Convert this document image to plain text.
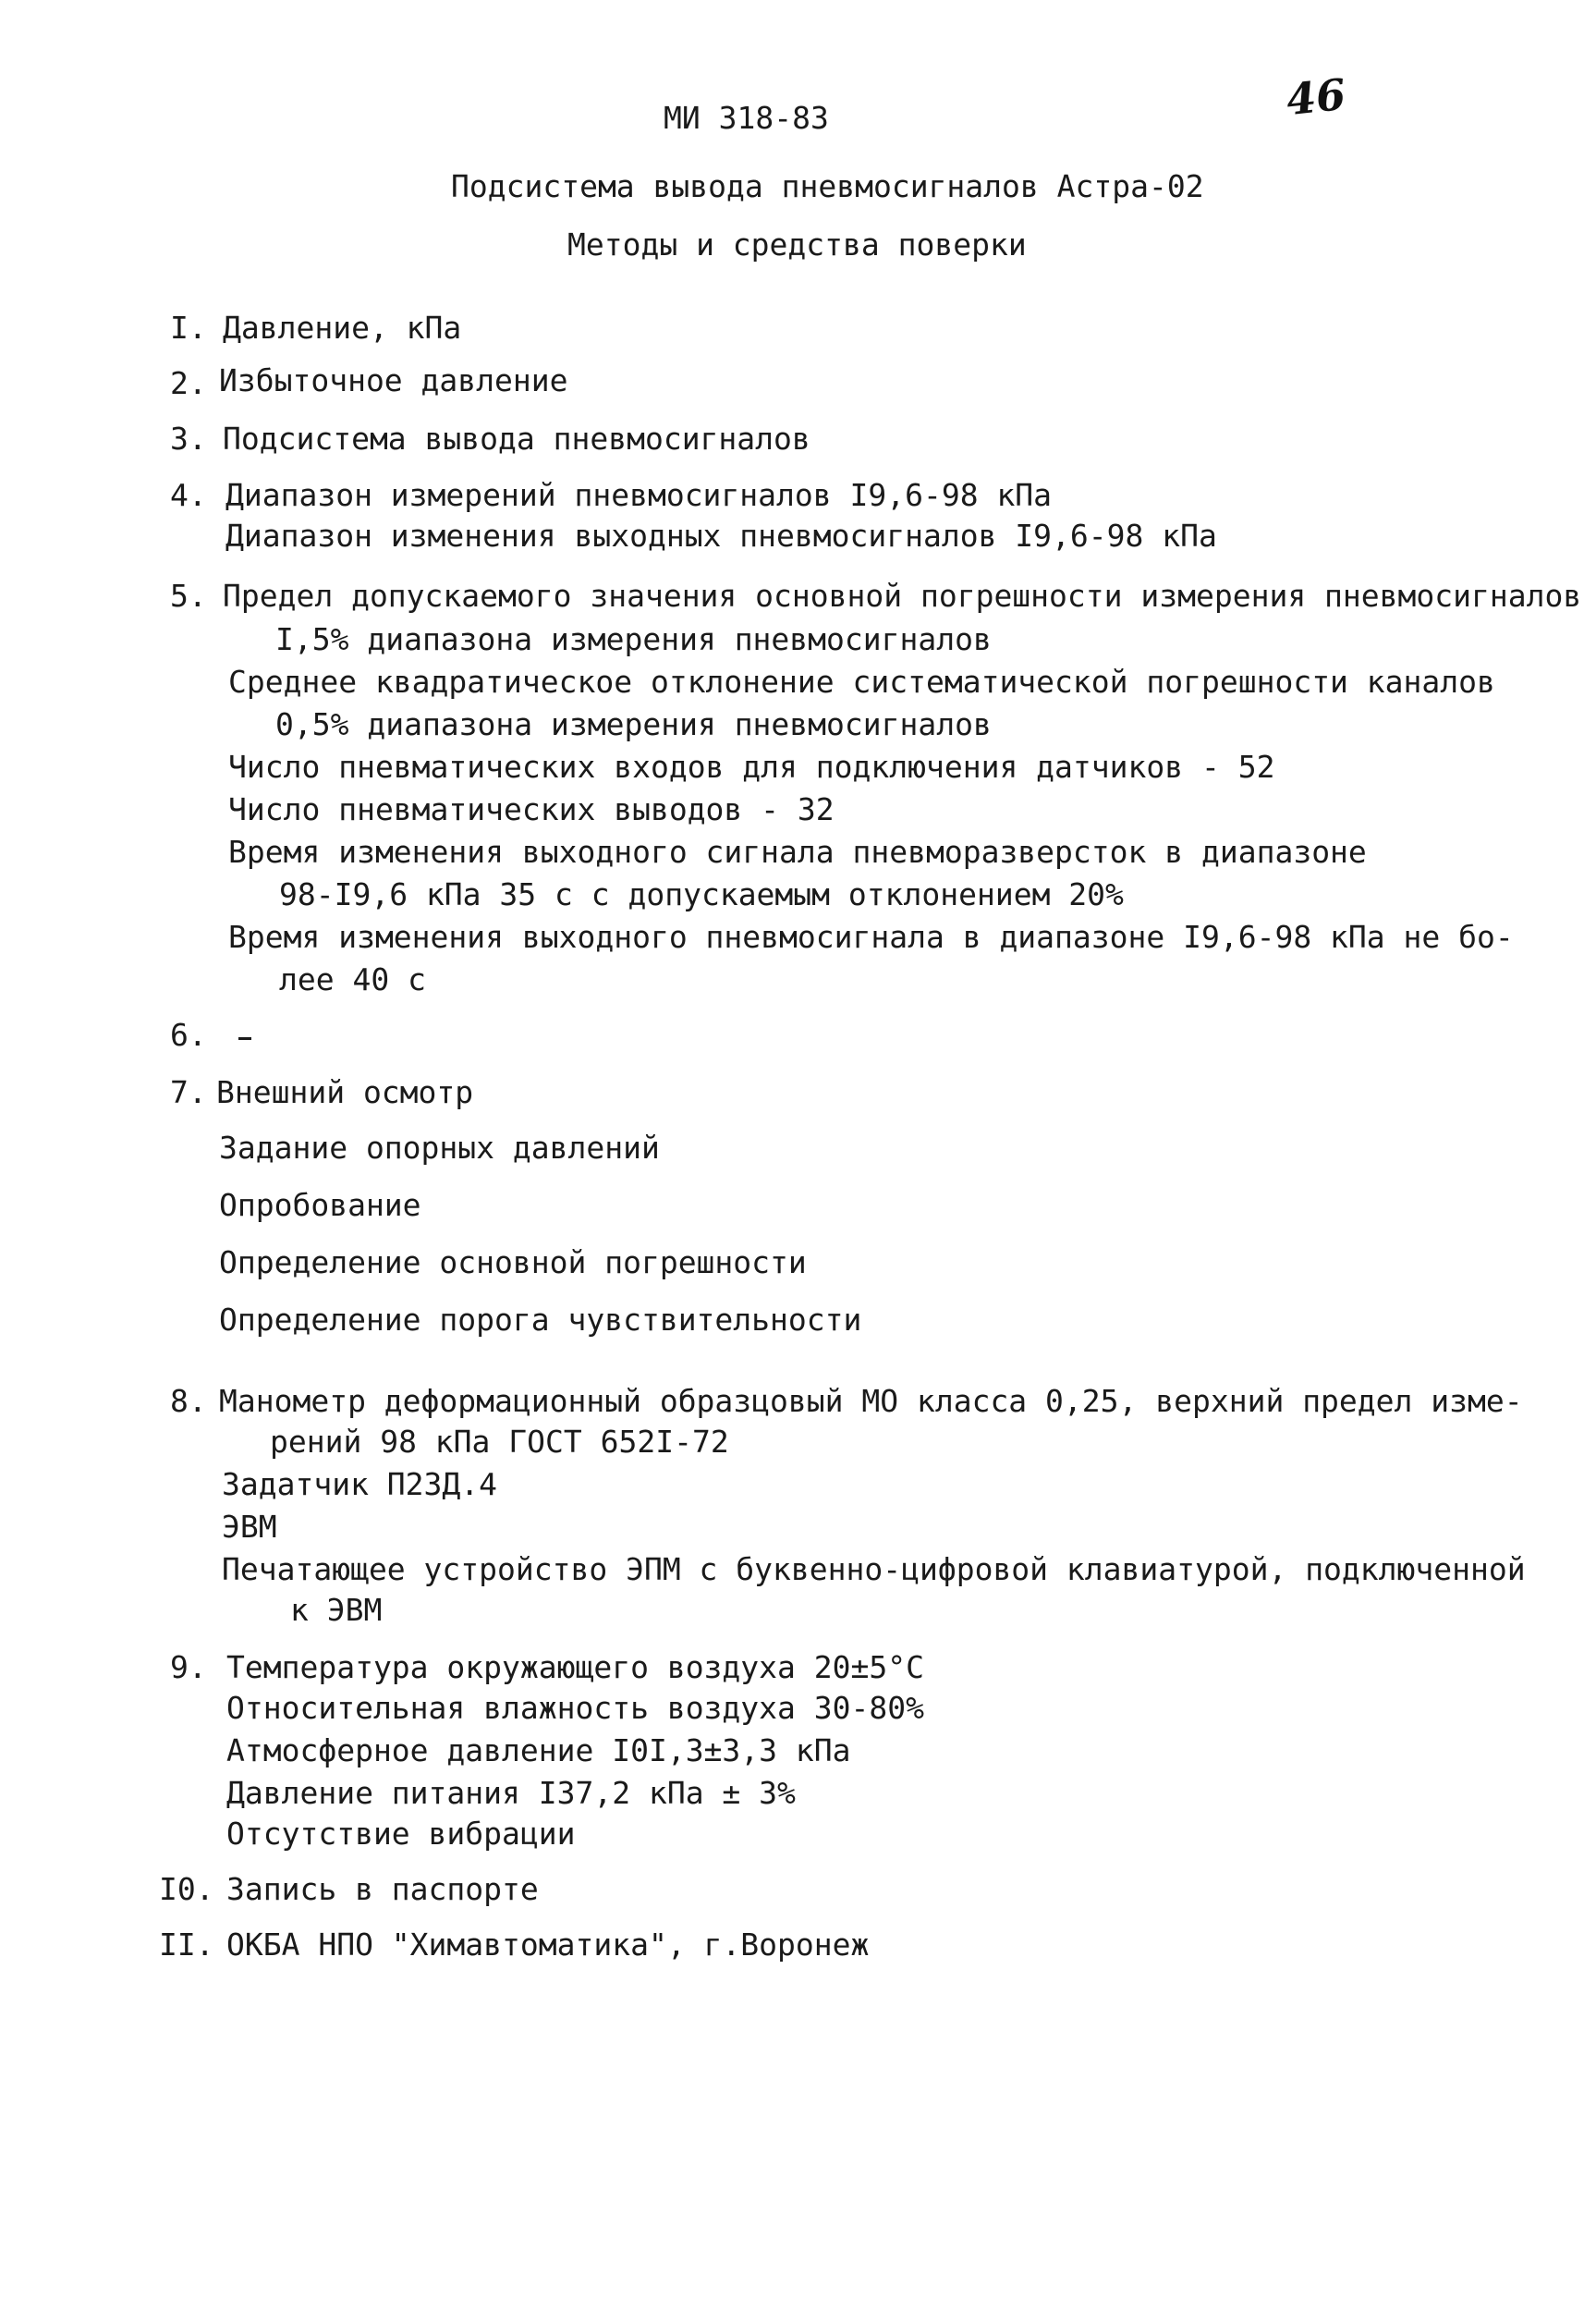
МИ 318-83	46
Подсистема вывода пневмосигналов Астра-02
Методы и средства поверки
I. Давление, кПа
2. Избыточное давление
3. Подсистема вывода пневмосигналов
4. Диапазон измерений пневмосигналов I9,6-98 кПа
Диапазон изменения выходных пневмосигналов I9,6-98 кПа
5. Предел допускаемого значения основной погрешности измерения пневмосигналов
I,5% диапазона измерения пневмосигналов
Среднее квадратическое отклонение систематической погрешности каналов
0,5% диапазона измерения пневмосигналов
Число пневматических входов для подключения датчиков - 52
Число пневматических выводов - 32
Время изменения выходного сигнала пневморазверсток в диапазоне
98-I9,6 кПа 35 с с допускаемым отклонением 20%
Время изменения выходного пневмосигнала в диапазоне I9,6-98 кПа не бо-
лее 40 с
6.
7. Внешний осмотр
Задание опорных давлений
Опробование
Определение основной погрешности
Определение порога чувствительности
8. Манометр деформационный образцовый МО класса 0,25, верхний предел изме-
рений 98 кПа ГОСТ 652I-72
Задатчик П23Д.4
ЭВМ
Печатающее устройство ЭПМ с буквенно-цифровой клавиатурой, подключенной
к ЭВМ
9. Температура окружающего воздуха 20±5°С
Относительная влажность воздуха 30-80%
Атмосферное давление I0I,3±3,3 кПа
Давление питания I37,2 кПа ± 3%
Отсутствие вибрации
I0. Запись в паспорте
II. ОКБА НПО "Химавтоматика", г.Воронеж
